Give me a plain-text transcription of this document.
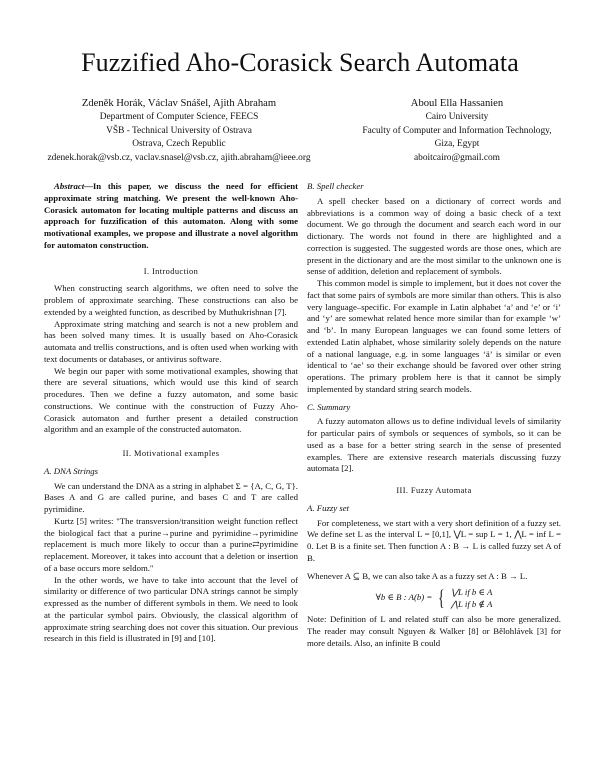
Fuzzified Aho-Corasick Search Automata
Zdeněk Horák, Václav Snášel, Ajith Abraham
Department of Computer Science, FEECS
VŠB - Technical University of Ostrava
Ostrava, Czech Republic
zdenek.horak@vsb.cz, vaclav.snasel@vsb.cz, ajith.abraham@ieee.org
Aboul Ella Hassanien
Cairo University
Faculty of Computer and Information Technology,
Giza, Egypt
aboitcairo@gmail.com

Abstract—In this paper, we discuss the need for efficient approximate string matching. We present the well-known Aho-Corasick automaton for locating multiple patterns and discuss an approach for fuzzification of this automaton. Along with some motivational examples, we propose and illustrate a novel algorithm for automaton construction.

I. Introduction

When constructing search algorithms, we often need to solve the problem of approximate searching. These constructions can also be extended by a weighted function, as described by Muthukrishnan [7].

Approximate string matching and search is not a new problem and has been solved many times. It is usually based on Aho-Corasick automata and trellis constructions, and is often used when working with text documents or databases, or antivirus software.

We begin our paper with some motivational examples, showing that there are several situations, which would use this kind of search procedures. Then we define a fuzzy automaton, and some basic constructions. We continue with the construction of Fuzzy Aho-Corasick automaton and further present a detailed construction algorithm and an example of the constructed automaton.

II. Motivational examples
A. DNA Strings

We can understand the DNA as a string in alphabet Σ = {A, C, G, T}. Bases A and G are called purine, and bases C and T are called pyrimidine.

Kurtz [5] writes: "The transversion/transition weight function reflect the biological fact that a purine→purine and pyrimidine→pyrimidine replacement is much more likely to occur than a purine⇄pyrimidine replacement. Moreover, it takes into account that a deletion or insertion of a base occurs more seldom."

In the other words, we have to take into account that the level of similarity or difference of two particular DNA strings cannot be simply expressed as the number of different symbols in them. We need to look at the particular symbol pairs. Obviously, the classical algorithm of approximate string searching does not cover this situation. Our previous research in this field is illustrated in [9] and [10].

B. Spell checker

A spell checker based on a dictionary of correct words and abbreviations is a common way of doing a basic check of a text document. We go through the document and search each word in our dictionary. The words not found in there are highlighted and a correction is suggested. The suggested words are those ones, which are present in the dictionary and are the most similar to the unknown one is sense of addition, deletion and replacement of symbols.

This common model is simple to implement, but it does not cover the fact that some pairs of symbols are more similar than others. This is also very language–specific. For example in Latin alphabet ‘a’ and ‘e’ or ‘i’ and ‘y’ are somewhat related hence more similar than for example ‘w’ and ‘b’. In many European languages we can found some letters of extended Latin alphabet, whose similarity solely depends on the nature of a national language, e.g. in some languages ‘ä’ is similar or even identical to ‘ae’ so their exchange should be favored over other string operations. The primary problem here is that it cannot be simply implemented by standard string search models.

C. Summary

A fuzzy automaton allows us to define individual levels of similarity for particular pairs of symbols or sequences of symbols, so it can be used as a base for a better string search in the sense of presented examples. There are extensive research materials discussing fuzzy automata [2].

III. Fuzzy Automata
A. Fuzzy set

For completeness, we start with a very short definition of a fuzzy set. We define set L as the interval L = [0,1], ⋁L = sup L = 1, ⋀L = inf L = 0. Let B is a finite set. Then function A : B → L is called fuzzy set A of B.

Whenever A ⊆ B, we can also take A as a fuzzy set A : B → L.

∀b ∈ B : A(b) = { ⋁L if b ∈ A
⋀L if b ∉ A

Note: Definition of L and related stuff can also be more generalized. The reader may consult Nguyen & Walker [8] or Bělohlávek [3] for more details. Also, an infinite B could
